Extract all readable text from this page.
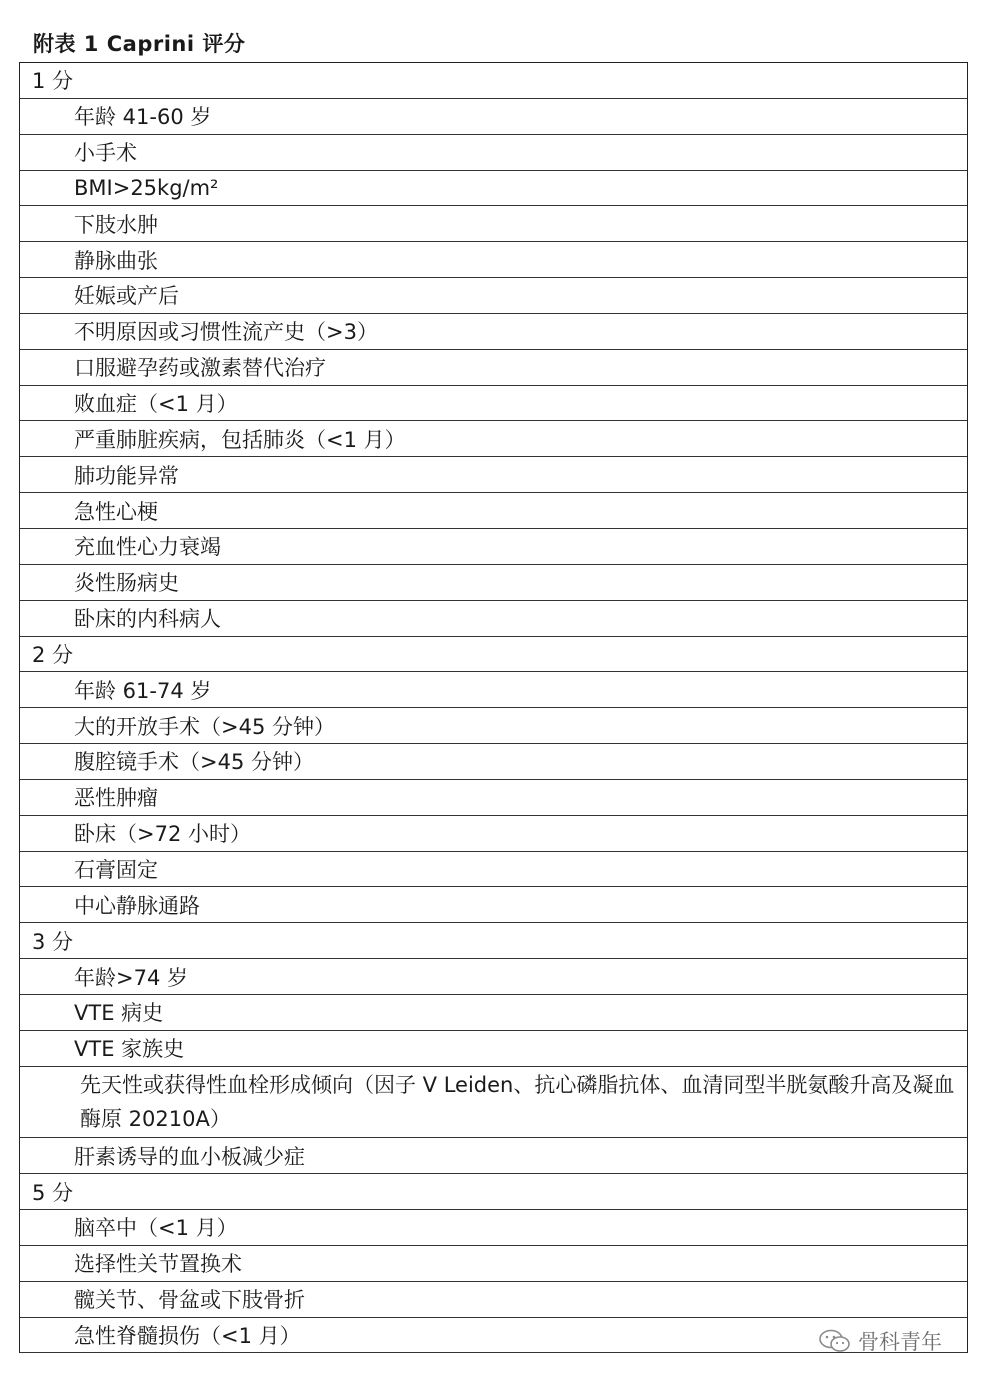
附表 1 Caprini 评分
1 分
年龄 41-60 岁
小手术
BMI>25kg/m²
下肢水肿
静脉曲张
妊娠或产后
不明原因或习惯性流产史（>3）
口服避孕药或激素替代治疗
败血症（<1 月）
严重肺脏疾病，包括肺炎（<1 月）
肺功能异常
急性心梗
充血性心力衰竭
炎性肠病史
卧床的内科病人
2 分
年龄 61-74 岁
大的开放手术（>45 分钟）
腹腔镜手术（>45 分钟）
恶性肿瘤
卧床（>72 小时）
石膏固定
中心静脉通路
3 分
年龄>74 岁
VTE 病史
VTE 家族史
先天性或获得性血栓形成倾向（因子 V Leiden、抗心磷脂抗体、血清同型半胱氨酸升高及凝血酶原 20210A）
肝素诱导的血小板减少症
5 分
脑卒中（<1 月）
选择性关节置换术
髋关节、骨盆或下肢骨折
急性脊髓损伤（<1 月）	骨科青年
